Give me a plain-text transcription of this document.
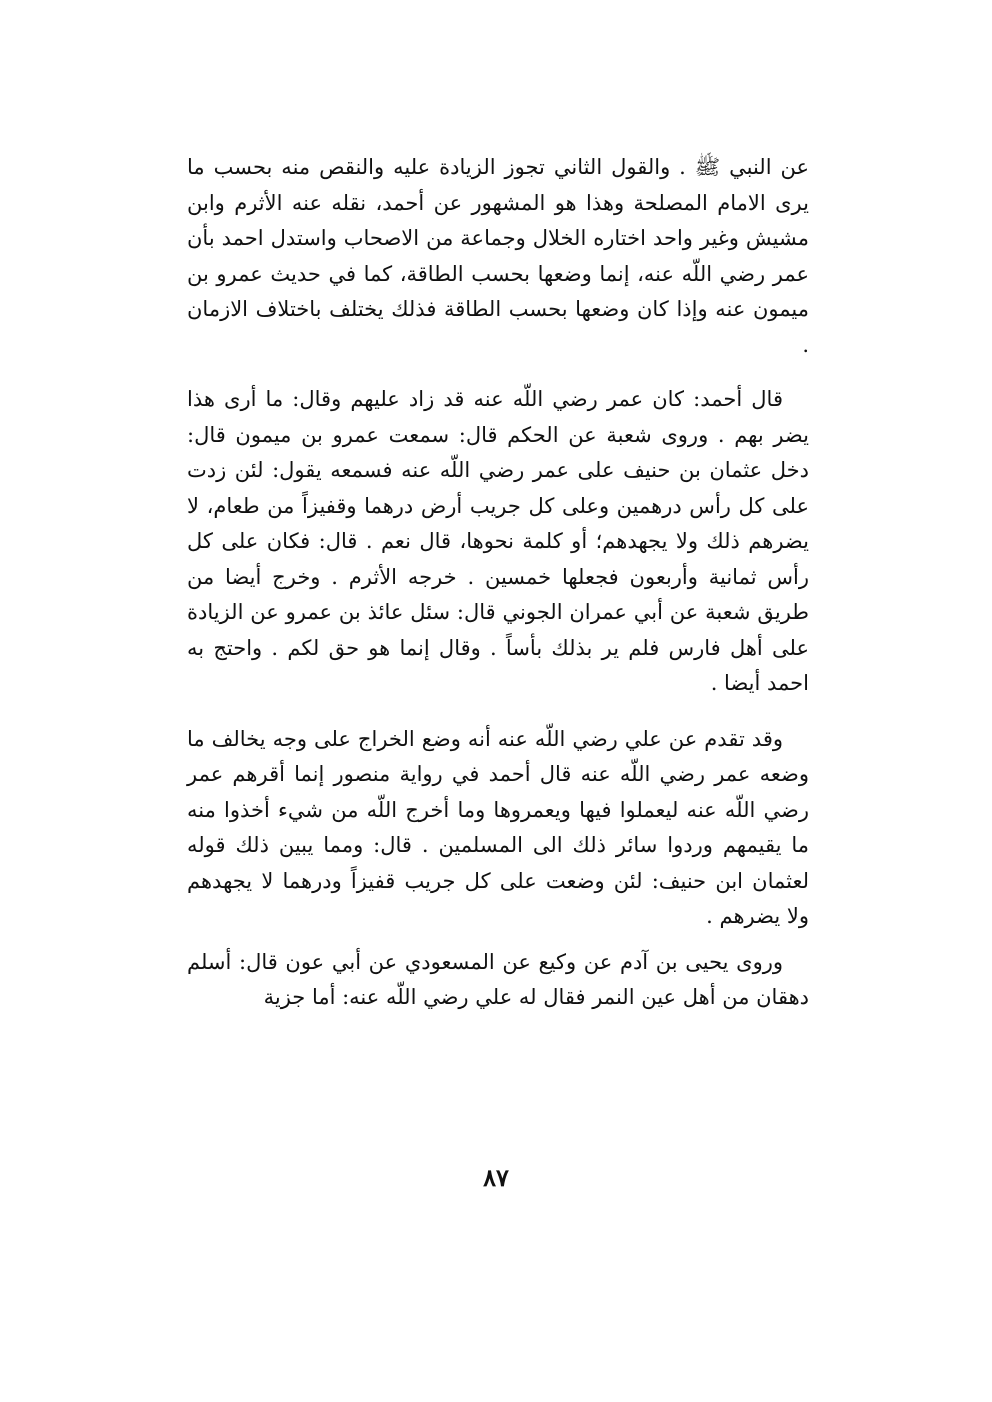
عن النبي ﷺ . والقول الثاني تجوز الزيادة عليه والنقص منه بحسب ما يرى الامام المصلحة وهذا هو المشهور عن أحمد، نقله عنه الأثرم وابن مشيش وغير واحد اختاره الخلال وجماعة من الاصحاب واستدل احمد بأن عمر رضي اللّه عنه، إنما وضعها بحسب الطاقة، كما في حديث عمرو بن ميمون عنه وإذا كان وضعها بحسب الطاقة فذلك يختلف باختلاف الازمان .

قال أحمد: كان عمر رضي اللّه عنه قد زاد عليهم وقال: ما أرى هذا يضر بهم . وروى شعبة عن الحكم قال: سمعت عمرو بن ميمون قال: دخل عثمان بن حنيف على عمر رضي اللّه عنه فسمعه يقول: لئن زدت على كل رأس درهمين وعلى كل جريب أرض درهما وقفيزاً من طعام، لا يضرهم ذلك ولا يجهدهم؛ أو كلمة نحوها، قال نعم . قال: فكان على كل رأس ثمانية وأربعون فجعلها خمسين . خرجه الأثرم . وخرج أيضا من طريق شعبة عن أبي عمران الجوني قال: سئل عائذ بن عمرو عن الزيادة على أهل فارس فلم ير بذلك بأساً . وقال إنما هو حق لكم . واحتج به احمد أيضا .

وقد تقدم عن علي رضي اللّه عنه أنه وضع الخراج على وجه يخالف ما وضعه عمر رضي اللّه عنه قال أحمد في رواية منصور إنما أقرهم عمر رضي اللّه عنه ليعملوا فيها ويعمروها وما أخرج اللّه من شيء أخذوا منه ما يقيمهم وردوا سائر ذلك الى المسلمين . قال: ومما يبين ذلك قوله لعثمان ابن حنيف: لئن وضعت على كل جريب قفيزاً ودرهما لا يجهدهم ولا يضرهم .

وروى يحيى بن آدم عن وكيع عن المسعودي عن أبي عون قال: أسلم دهقان من أهل عين النمر فقال له علي رضي اللّه عنه: أما جزية

٨٧
